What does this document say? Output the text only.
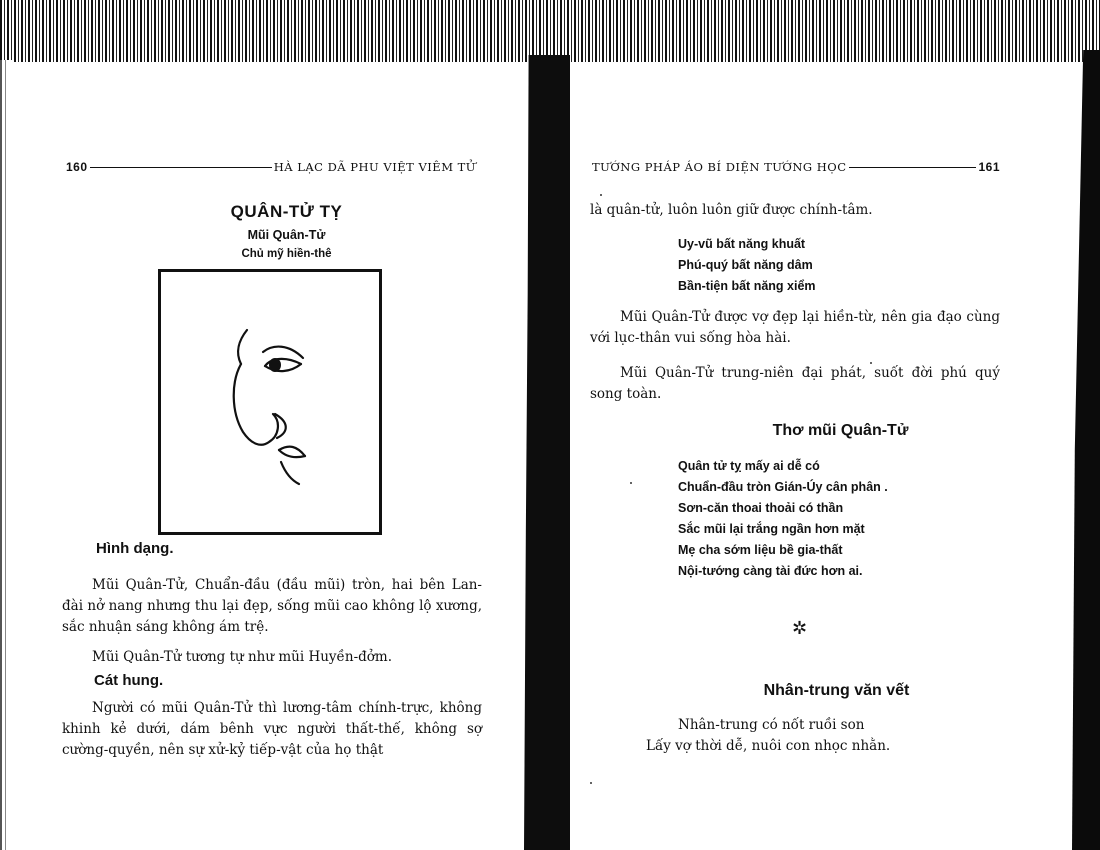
160	HÀ LẠC DÃ PHU VIỆT VIÊM TỬ
QUÂN-TỬ TỴ
Mũi Quân-Tử
Chủ mỹ hiền-thê
Hình dạng.
Mũi Quân-Tử, Chuẩn-đầu (đầu mũi) tròn, hai bên Lan-đài nở nang nhưng thu lại đẹp, sống mũi cao không lộ xương, sắc nhuận sáng không ám trệ.
Mũi Quân-Tử tương tự như mũi Huyền-đởm.
Cát hung.
Người có mũi Quân-Tử thì lương-tâm chính-trực, không khinh kẻ dưới, dám bênh vực người thất-thế, không sợ cường-quyền, nên sự xử-kỷ tiếp-vật của họ thật
TƯỚNG PHÁP ÁO BÍ DIỆN TƯỚNG HỌC	161
là quân-tử, luôn luôn giữ được chính-tâm.
Uy-vũ bất năng khuất
Phú-quý bất năng dâm
Bần-tiện bất năng xiểm
Mũi Quân-Tử được vợ đẹp lại hiền-từ, nên gia đạo cùng với lục-thân vui sống hòa hài.
Mũi Quân-Tử trung-niên đại phát, suốt đời phú quý song toàn.
Thơ mũi Quân-Tử
Quân tử tỵ mấy ai dễ có
Chuẩn-đầu tròn Gián-Úy cân phân .
Sơn-căn thoai thoải có thần
Sắc mũi lại trắng ngần hơn mặt
Mẹ cha sớm liệu bề gia-thất
Nội-tướng càng tài đức hơn ai.
✲
Nhân-trung văn vết
Nhân-trung có nốt ruồi son
Lấy vợ thời dễ, nuôi con nhọc nhằn.
